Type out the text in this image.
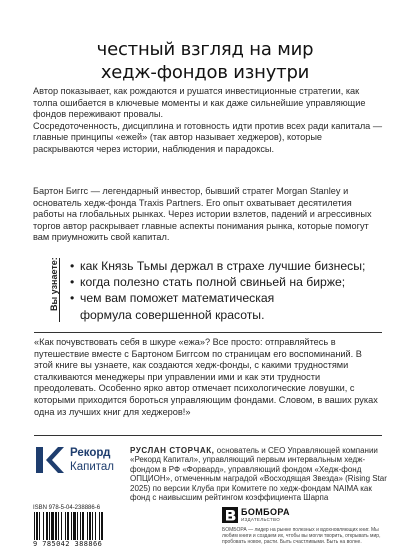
честный взгляд на мир
хедж-фондов изнутри

Автор показывает, как рождаются и рушатся инвестиционные стратегии, как толпа ошибается в ключевые моменты и как даже сильнейшие управляющие фондов переживают провалы.

Сосредоточенность, дисциплина и готовность идти против всех ради капитала — главные принципы «ежей» (так автор называет хеджеров), которые раскрываются через истории, наблюдения и парадоксы.

Бартон Биггс — легендарный инвестор, бывший стратег Morgan Stanley и основатель хедж-фонда Traxis Partners. Его опыт охватывает десятилетия работы на глобальных рынках. Через истории взлетов, падений и агрессивных торгов автор раскрывает главные аспекты понимания рынка, которые помогут вам приумножить свой капитал.
Вы узнаете: • как Князь Тьмы держал в страхе лучшие бизнесы;
• когда полезно стать полной свиньей на бирже;
• чем вам поможет математическая
формула совершенной красоты.
«Как почувствовать себя в шкуре «ежа»? Все просто: отправляйтесь в путешествие вместе с Бартоном Биггсом по страницам его воспоминаний. В этой книге вы узнаете, как создаются хедж-фонды, с какими трудностями сталкиваются менеджеры при управлении ими и как эти трудности преодолевать. Особенно ярко автор отмечает психологические ловушки, с которыми приходится бороться управляющим фондами. Словом, в ваших руках одна из лучших книг для хеджеров!»
Рекорд
Капитал
РУСЛАН СТОРЧАК, основатель и CEO Управляющей компании «Рекорд Капитал», управляющий первым интервальным хедж-фондом в РФ «Форвард», управляющий фондом «Хедж-фонд ОПЦИОН», отмеченным наградой «Восходящая Звезда» (Rising Star 2025) по версии Клуба при Комитете по хедж-фондам NAIMA как фонд с наивысшим рейтингом коэффициента Шарпа
ISBN 978-5-04-238886-6
9 785042 388866
БОМБОРА
ИЗДАТЕЛЬСТВО
БОМБОРА — лидер на рынке полезных и вдохновляющих книг. Мы любим книги и создаем их, чтобы вы могли творить, открывать мир, пробовать новое, расти. Быть счастливыми. Быть на волне.
